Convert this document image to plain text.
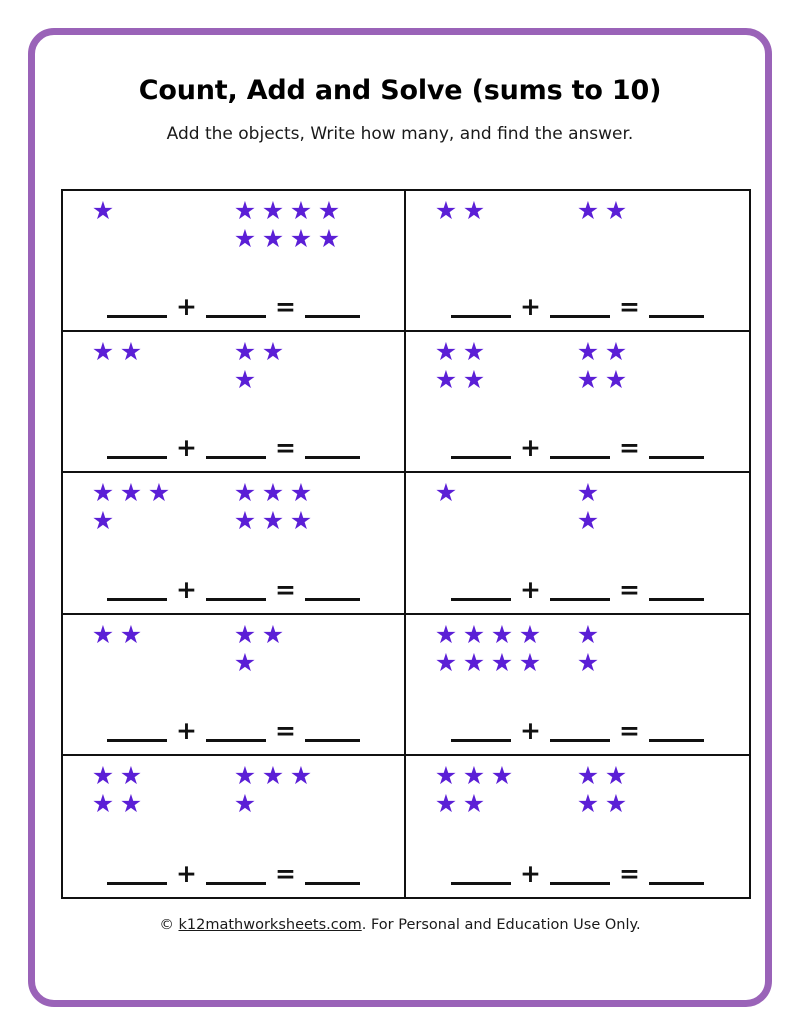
Count, Add and Solve (sums to 10)
Add the objects, Write how many, and find the answer.
★	★ ★ ★ ★
★ ★ ★ ★
+	=
★ ★	★ ★
+	=
★ ★	★ ★
★
+	=
★ ★
★ ★
★ ★
★ ★
+	=
★ ★ ★
★
★ ★ ★
★ ★ ★
+	=
★	★
★
+	=
★ ★	★ ★
★
+	=
★ ★ ★ ★
★ ★ ★ ★
★
★
+	=
★ ★
★ ★
★ ★ ★
★
+	=
★ ★ ★
★ ★
★ ★
★ ★
+	=
© k12mathworksheets.com. For Personal and Education Use Only.
